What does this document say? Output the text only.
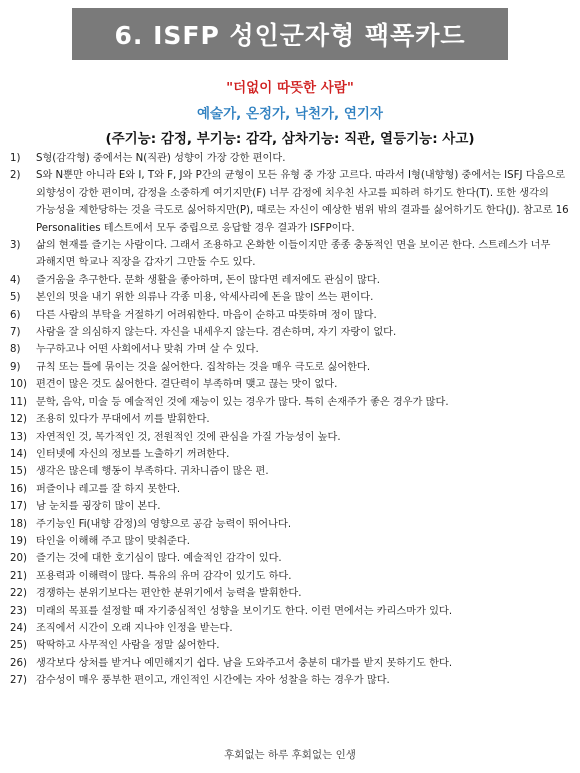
6. ISFP 성인군자형 팩폭카드
"더없이 따뜻한 사람"
예술가, 온정가, 낙천가, 연기자
(주기능: 감정, 부기능: 감각, 삼차기능: 직관, 열등기능: 사고)
1)	S형(감각형) 중에서는 N(직관) 성향이 가장 강한 편이다.
2)	S와 N뿐만 아니라 E와 I, T와 F, J와 P간의 균형이 모든 유형 중 가장 고르다. 따라서 I형(내향형) 중에서는 ISFJ 다음으로 외향성이 강한 편이며, 감정을 소중하게 여기지만(F) 너무 감정에 치우친 사고를 피하려 하기도 한다(T). 또한 생각의 가능성을 제한당하는 것을 극도로 싫어하지만(P), 때로는 자신이 예상한 범위 밖의 결과를 싫어하기도 한다(J). 참고로 16 Personalities 테스트에서 모두 중립으로 응답할 경우 결과가 ISFP이다.
3)	삶의 현재를 즐기는 사람이다. 그래서 조용하고 온화한 이들이지만 종종 충동적인 면을 보이곤 한다. 스트레스가 너무 과해지면 학교나 직장을 갑자기 그만둘 수도 있다.
4)	즐거움을 추구한다. 문화 생활을 좋아하며, 돈이 많다면 레저에도 관심이 많다.
5)	본인의 멋을 내기 위한 의류나 각종 미용, 악세사리에 돈을 많이 쓰는 편이다.
6)	다른 사람의 부탁을 거절하기 어려워한다. 마음이 순하고 따뜻하며 정이 많다.
7)	사람을 잘 의심하지 않는다. 자신을 내세우지 않는다. 겸손하며, 자기 자랑이 없다.
8)	누구하고나 어떤 사회에서나 맞춰 가며 살 수 있다.
9)	규칙 또는 틀에 묶이는 것을 싫어한다. 집착하는 것을 매우 극도로 싫어한다.
10) 편견이 많은 것도 싫어한다. 결단력이 부족하며 맺고 끊는 맛이 없다.
11) 문학, 음악, 미술 등 예술적인 것에 재능이 있는 경우가 많다. 특히 손재주가 좋은 경우가 많다.
12) 조용히 있다가 무대에서 끼를 발휘한다.
13) 자연적인 것, 목가적인 것, 전원적인 것에 관심을 가질 가능성이 높다.
14) 인터넷에 자신의 정보를 노출하기 꺼려한다.
15) 생각은 많은데 행동이 부족하다. 귀차니즘이 많은 편.
16) 퍼즐이나 레고를 잘 하지 못한다.
17) 남 눈치를 굉장히 많이 본다.
18) 주기능인 Fi(내향 감정)의 영향으로 공감 능력이 뛰어나다.
19) 타인을 이해해 주고 많이 맞춰준다.
20) 즐기는 것에 대한 호기심이 많다. 예술적인 감각이 있다.
21) 포용력과 이해력이 많다. 특유의 유머 감각이 있기도 하다.
22) 경쟁하는 분위기보다는 편안한 분위기에서 능력을 발휘한다.
23) 미래의 목표를 설정할 때 자기중심적인 성향을 보이기도 한다. 이런 면에서는 카리스마가 있다.
24) 조직에서 시간이 오래 지나야 인정을 받는다.
25) 딱딱하고 사무적인 사람을 정말 싫어한다.
26) 생각보다 상처를 받거나 예민해지기 쉽다. 남을 도와주고서 충분히 대가를 받지 못하기도 한다.
27) 감수성이 매우 풍부한 편이고, 개인적인 시간에는 자아 성찰을 하는 경우가 많다.
후회없는 하루 후회없는 인생
